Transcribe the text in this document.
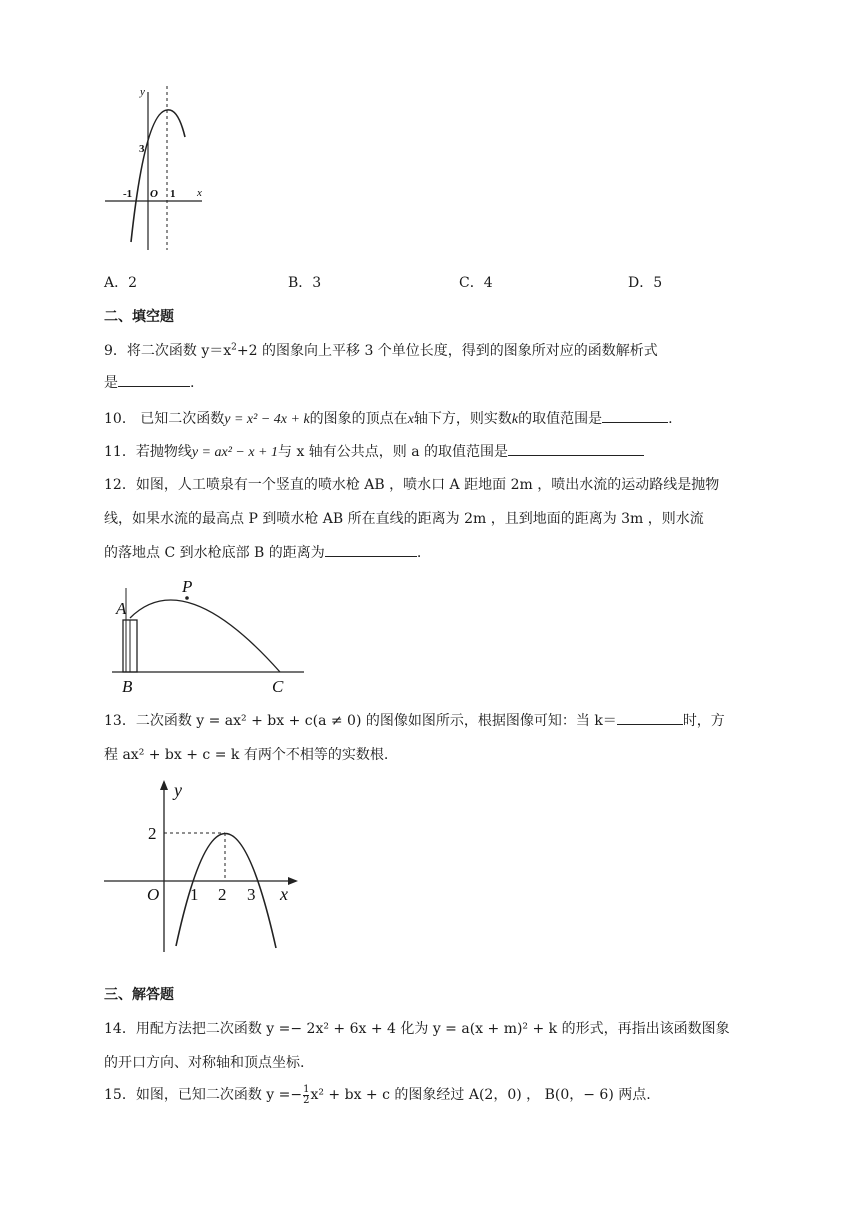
y
x
O
3
-1	1
A．2	B．3	C．4	D．5
二、填空题
9．将二次函数 $y=x^2+2$ 的图象向上平移 3 个单位长度，得到的图象所对应的函数解析式
是	.
10． 已知二次函数y = x² − 4x + k的图象的顶点在x轴下方，则实数k的取值范围是	.
11．若抛物线y = ax² − x + 1与 x 轴有公共点，则 a 的取值范围是
12．如图，人工喷泉有一个竖直的喷水枪 AB ，喷水口 A 距地面 2m ，喷出水流的运动路线是抛物
线，如果水流的最高点 P 到喷水枪 AB 所在直线的距离为 2m ，且到地面的距离为 3m ，则水流
的落地点 C 到水枪底部 B 的距离为	.
A
B
P
C
13．二次函数 y = ax² + bx + c(a ≠ 0) 的图像如图所示，根据图像可知：当 k＝	时，方
程 ax² + bx + c = k 有两个不相等的实数根.
y
x
O
2
1 2 3
三、解答题
14．用配方法把二次函数 y =− 2x² + 6x + 4 化为 y = a(x + m)² + k 的形式，再指出该函数图象
的开口方向、对称轴和顶点坐标.
15．如图，已知二次函数 $y =- \frac{1}{2} x^2$ + bx + c 的图象经过 A(2，0) ， B(0，− 6) 两点.
